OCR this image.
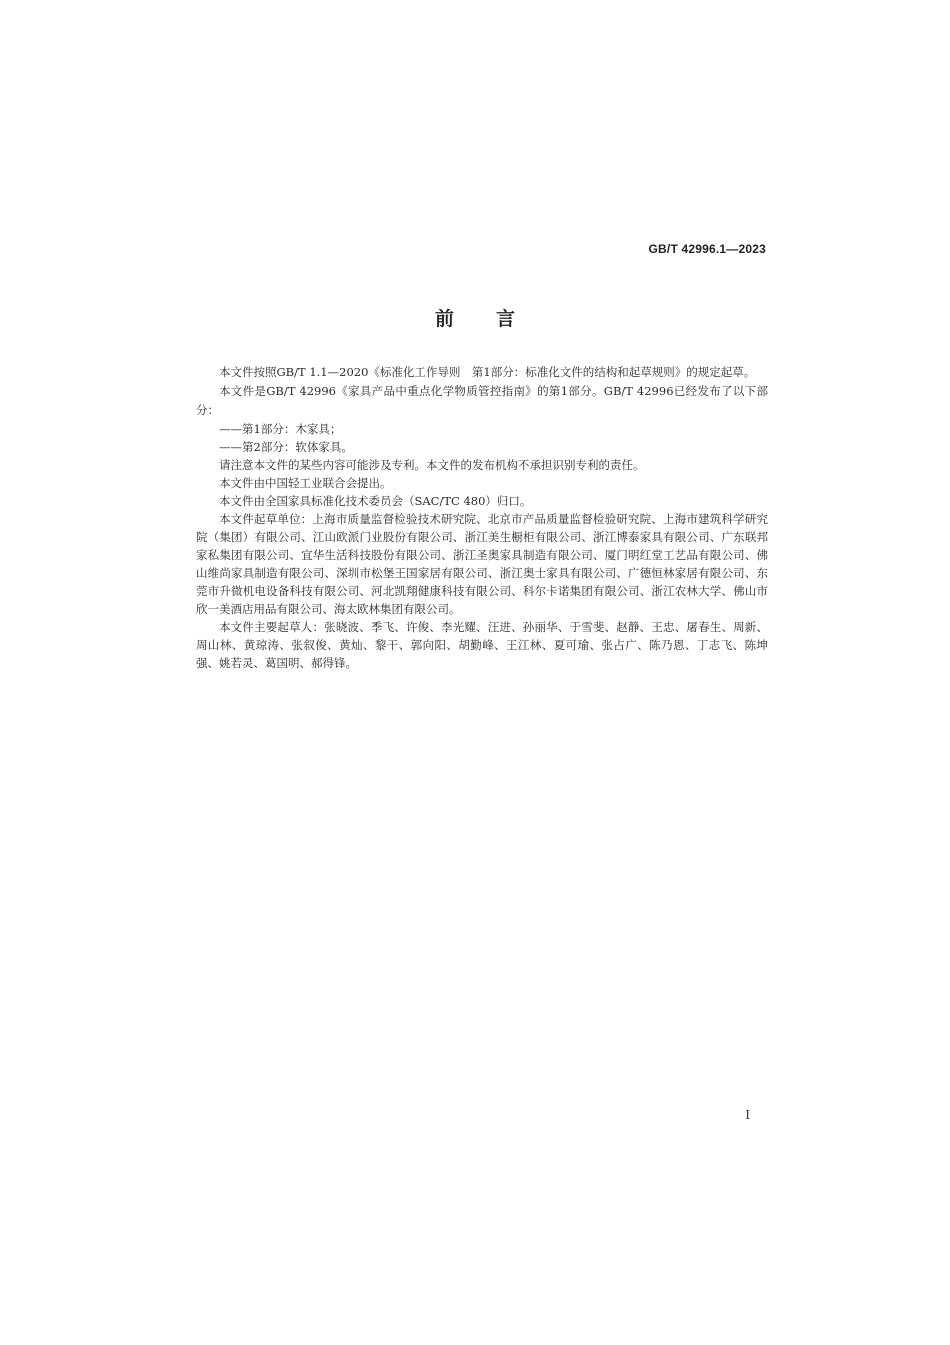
GB/T 42996.1—2023
前言

本文件按照GB/T 1.1—2020《标准化工作导则　第1部分：标准化文件的结构和起草规则》的规定起草。

本文件是GB/T 42996《家具产品中重点化学物质管控指南》的第1部分。GB/T 42996已经发布了以下部分：

——第1部分：木家具；

——第2部分：软体家具。

请注意本文件的某些内容可能涉及专利。本文件的发布机构不承担识别专利的责任。

本文件由中国轻工业联合会提出。

本文件由全国家具标准化技术委员会（SAC/TC 480）归口。

本文件起草单位：上海市质量监督检验技术研究院、北京市产品质量监督检验研究院、上海市建筑科学研究院（集团）有限公司、江山欧派门业股份有限公司、浙江美生橱柜有限公司、浙江博泰家具有限公司、广东联邦家私集团有限公司、宜华生活科技股份有限公司、浙江圣奥家具制造有限公司、厦门明红堂工艺品有限公司、佛山维尚家具制造有限公司、深圳市松堡王国家居有限公司、浙江奥士家具有限公司、广德恒林家居有限公司、东莞市升微机电设备科技有限公司、河北凯翔健康科技有限公司、科尔卡诺集团有限公司、浙江农林大学、佛山市欣一美酒店用品有限公司、海太欧林集团有限公司。

本文件主要起草人：张晓波、季飞、许俊、李光耀、汪进、孙丽华、于雪斐、赵静、王忠、屠春生、周新、周山林、黄琼涛、张叙俊、黄灿、黎干、郭向阳、胡勤峰、王江林、夏可瑜、张占广、陈乃恩、丁志飞、陈坤强、姚若灵、葛国明、郝得锋。

I
